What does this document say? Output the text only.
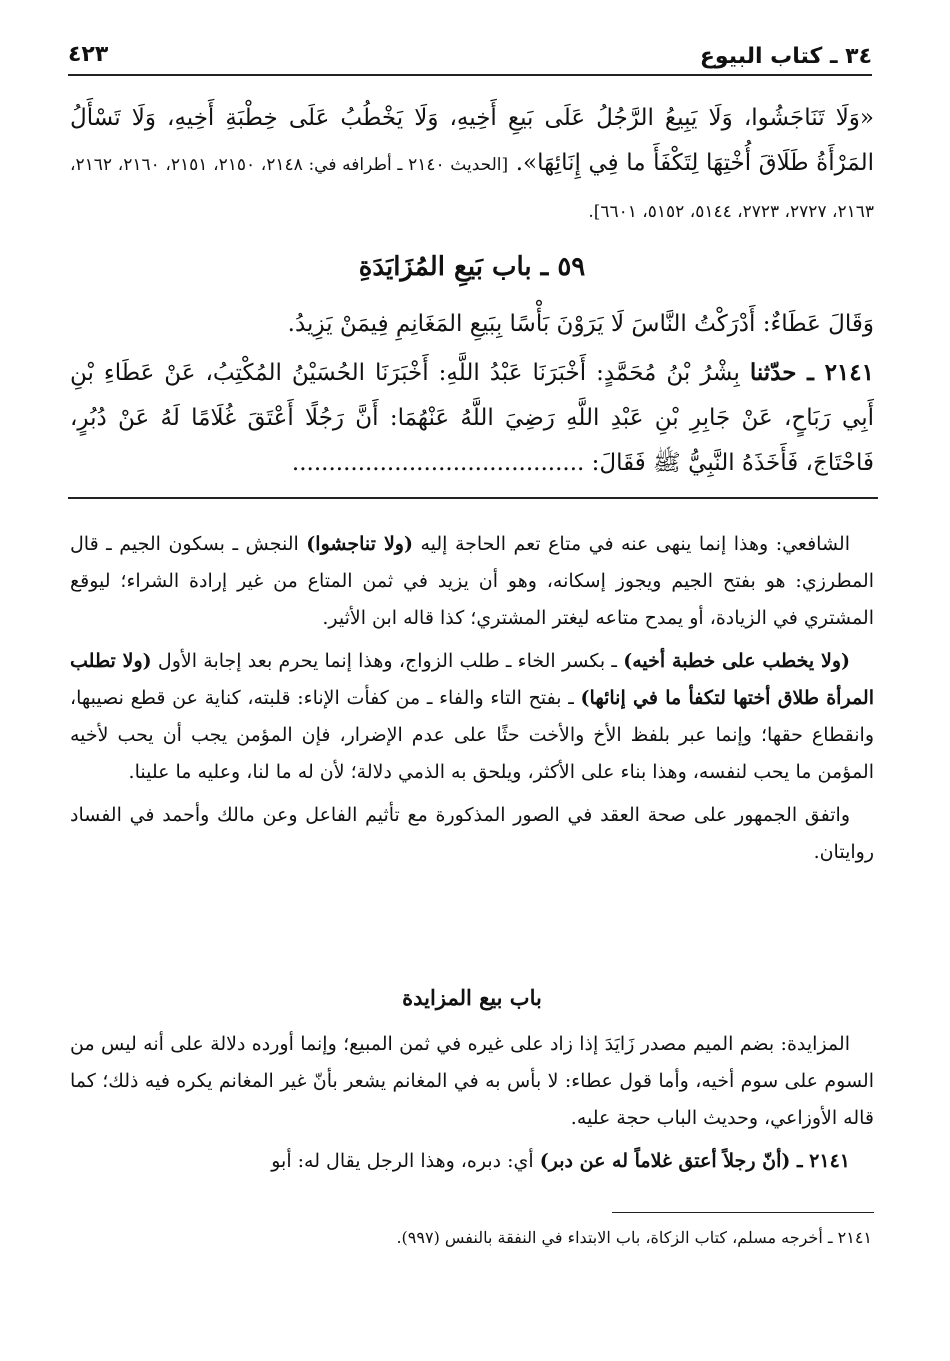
٣٤ ـ كتاب البيوع
٤٢٣
«وَلَا تَنَاجَشُوا، وَلَا يَبِيعُ الرَّجُلُ عَلَى بَيعِ أَخِيهِ، وَلَا يَخْطُبُ عَلَى خِطْبَةِ أَخِيهِ، وَلَا تَسْأَلُ المَرْأَةُ طَلَاقَ أُخْتِهَا لِتَكْفَأَ ما فِي إِنَائِهَا». [الحديث ٢١٤٠ ـ أطرافه في: ٢١٤٨، ٢١٥٠، ٢١٥١، ٢١٦٠، ٢١٦٢، ٢١٦٣، ٢٧٢٧، ٢٧٢٣، ٥١٤٤، ٥١٥٢، ٦٦٠١].
٥٩ ـ باب بَيعِ المُزَايَدَةِ
وَقَالَ عَطَاءٌ: أَدْرَكْتُ النَّاسَ لَا يَرَوْنَ بَأْسًا بِبَيعِ المَغَانِمِ فِيمَنْ يَزِيدُ.
٢١٤١ ـ حدّثنا بِشْرُ بْنُ مُحَمَّدٍ: أَخْبَرَنَا عَبْدُ اللَّهِ: أَخْبَرَنَا الحُسَيْنُ المُكْتِبُ، عَنْ عَطَاءِ بْنِ أَبِي رَبَاحٍ، عَنْ جَابِرِ بْنِ عَبْدِ اللَّهِ رَضِيَ اللَّهُ عَنْهُمَا: أَنَّ رَجُلًا أَعْتَقَ غُلَامًا لَهُ عَنْ دُبُرٍ، فَاحْتَاجَ، فَأَخَذَهُ النَّبِيُّ ﷺ فَقَالَ: ........................................

الشافعي: وهذا إنما ينهى عنه في متاع تعم الحاجة إليه (ولا تناجشوا) النجش ـ بسكون الجيم ـ قال المطرزي: هو بفتح الجيم ويجوز إسكانه، وهو أن يزيد في ثمن المتاع من غير إرادة الشراء؛ ليوقع المشتري في الزيادة، أو يمدح متاعه ليغتر المشتري؛ كذا قاله ابن الأثير.

(ولا يخطب على خطبة أخيه) ـ بكسر الخاء ـ طلب الزواج، وهذا إنما يحرم بعد إجابة الأول (ولا تطلب المرأة طلاق أختها لتكفأ ما في إنائها) ـ بفتح التاء والفاء ـ من كفأت الإناء: قلبته، كناية عن قطع نصيبها، وانقطاع حقها؛ وإنما عبر بلفظ الأخ والأخت حثًا على عدم الإضرار، فإن المؤمن يجب أن يحب لأخيه المؤمن ما يحب لنفسه، وهذا بناء على الأكثر، ويلحق به الذمي دلالة؛ لأن له ما لنا، وعليه ما علينا.

واتفق الجمهور على صحة العقد في الصور المذكورة مع تأثيم الفاعل وعن مالك وأحمد في الفساد روايتان.

باب بيع المزايدة

المزايدة: بضم الميم مصدر زَايَدَ إذا زاد على غيره في ثمن المبيع؛ وإنما أورده دلالة على أنه ليس من السوم على سوم أخيه، وأما قول عطاء: لا بأس به في المغانم يشعر بأنّ غير المغانم يكره فيه ذلك؛ كما قاله الأوزاعي، وحديث الباب حجة عليه.

٢١٤١ ـ (أنّ رجلاً أعتق غلاماً له عن دبر) أي: دبره، وهذا الرجل يقال له: أبو

٢١٤١ ـ أخرجه مسلم، كتاب الزكاة، باب الابتداء في النفقة بالنفس (٩٩٧).
